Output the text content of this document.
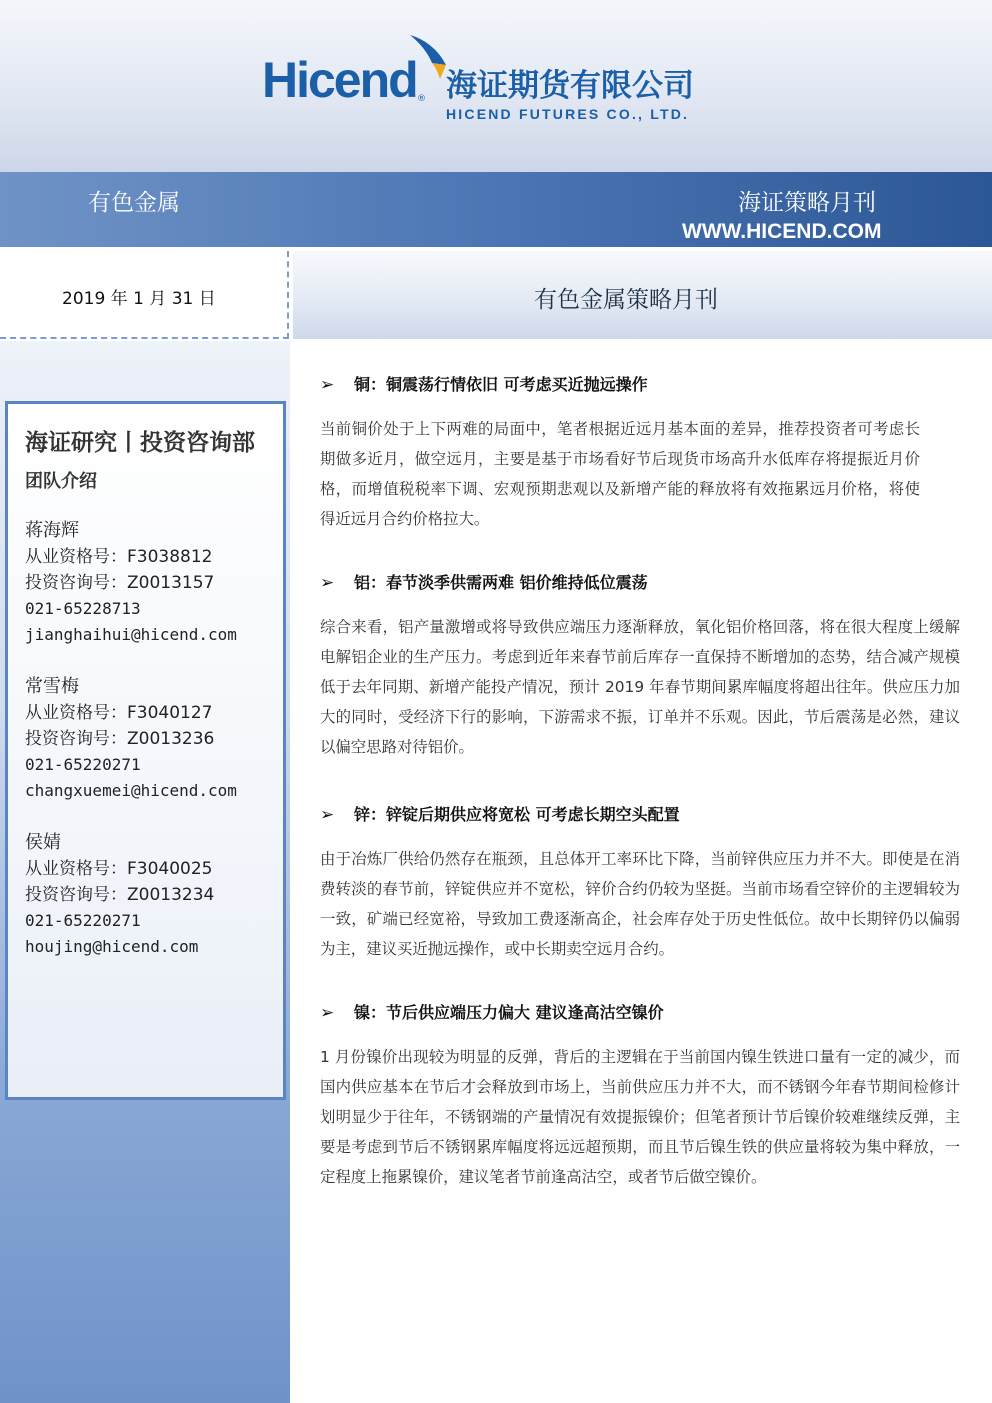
Hicend ® 海证期货有限公司
HICEND FUTURES CO., LTD.
有色金属	海证策略月刊
WWW.HICEND.COM
2019 年 1 月 31 日	有色金属策略月刊
海证研究丨投资咨询部
团队介绍
蒋海辉
从业资格号：F3038812
投资咨询号：Z0013157
021-65228713
jianghaihui@hicend.com
常雪梅
从业资格号：F3040127
投资咨询号：Z0013236
021-65220271
changxuemei@hicend.com
侯婧
从业资格号：F3040025
投资咨询号：Z0013234
021-65220271
houjing@hicend.com
➢ 铜：铜震荡行情依旧 可考虑买近抛远操作
当前铜价处于上下两难的局面中，笔者根据近远月基本面的差异，推荐投资者可考虑长期做多近月，做空远月，主要是基于市场看好节后现货市场高升水低库存将提振近月价格，而增值税税率下调、宏观预期悲观以及新增产能的释放将有效拖累远月价格，将使得近远月合约价格拉大。
➢ 铝：春节淡季供需两难 铝价维持低位震荡
综合来看，铝产量激增或将导致供应端压力逐渐释放，氧化铝价格回落，将在很大程度上缓解电解铝企业的生产压力。考虑到近年来春节前后库存一直保持不断增加的态势，结合减产规模低于去年同期、新增产能投产情况，预计 2019 年春节期间累库幅度将超出往年。供应压力加大的同时，受经济下行的影响，下游需求不振，订单并不乐观。因此，节后震荡是必然，建议以偏空思路对待铝价。
➢ 锌：锌锭后期供应将宽松 可考虑长期空头配置
由于冶炼厂供给仍然存在瓶颈，且总体开工率环比下降，当前锌供应压力并不大。即使是在消费转淡的春节前，锌锭供应并不宽松，锌价合约仍较为坚挺。当前市场看空锌价的主逻辑较为一致，矿端已经宽裕，导致加工费逐渐高企，社会库存处于历史性低位。故中长期锌仍以偏弱为主，建议买近抛远操作，或中长期卖空远月合约。
➢ 镍：节后供应端压力偏大 建议逢高沽空镍价
1 月份镍价出现较为明显的反弹，背后的主逻辑在于当前国内镍生铁进口量有一定的减少，而国内供应基本在节后才会释放到市场上，当前供应压力并不大，而不锈钢今年春节期间检修计划明显少于往年，不锈钢端的产量情况有效提振镍价；但笔者预计节后镍价较难继续反弹，主要是考虑到节后不锈钢累库幅度将远远超预期，而且节后镍生铁的供应量将较为集中释放，一定程度上拖累镍价，建议笔者节前逢高沽空，或者节后做空镍价。
